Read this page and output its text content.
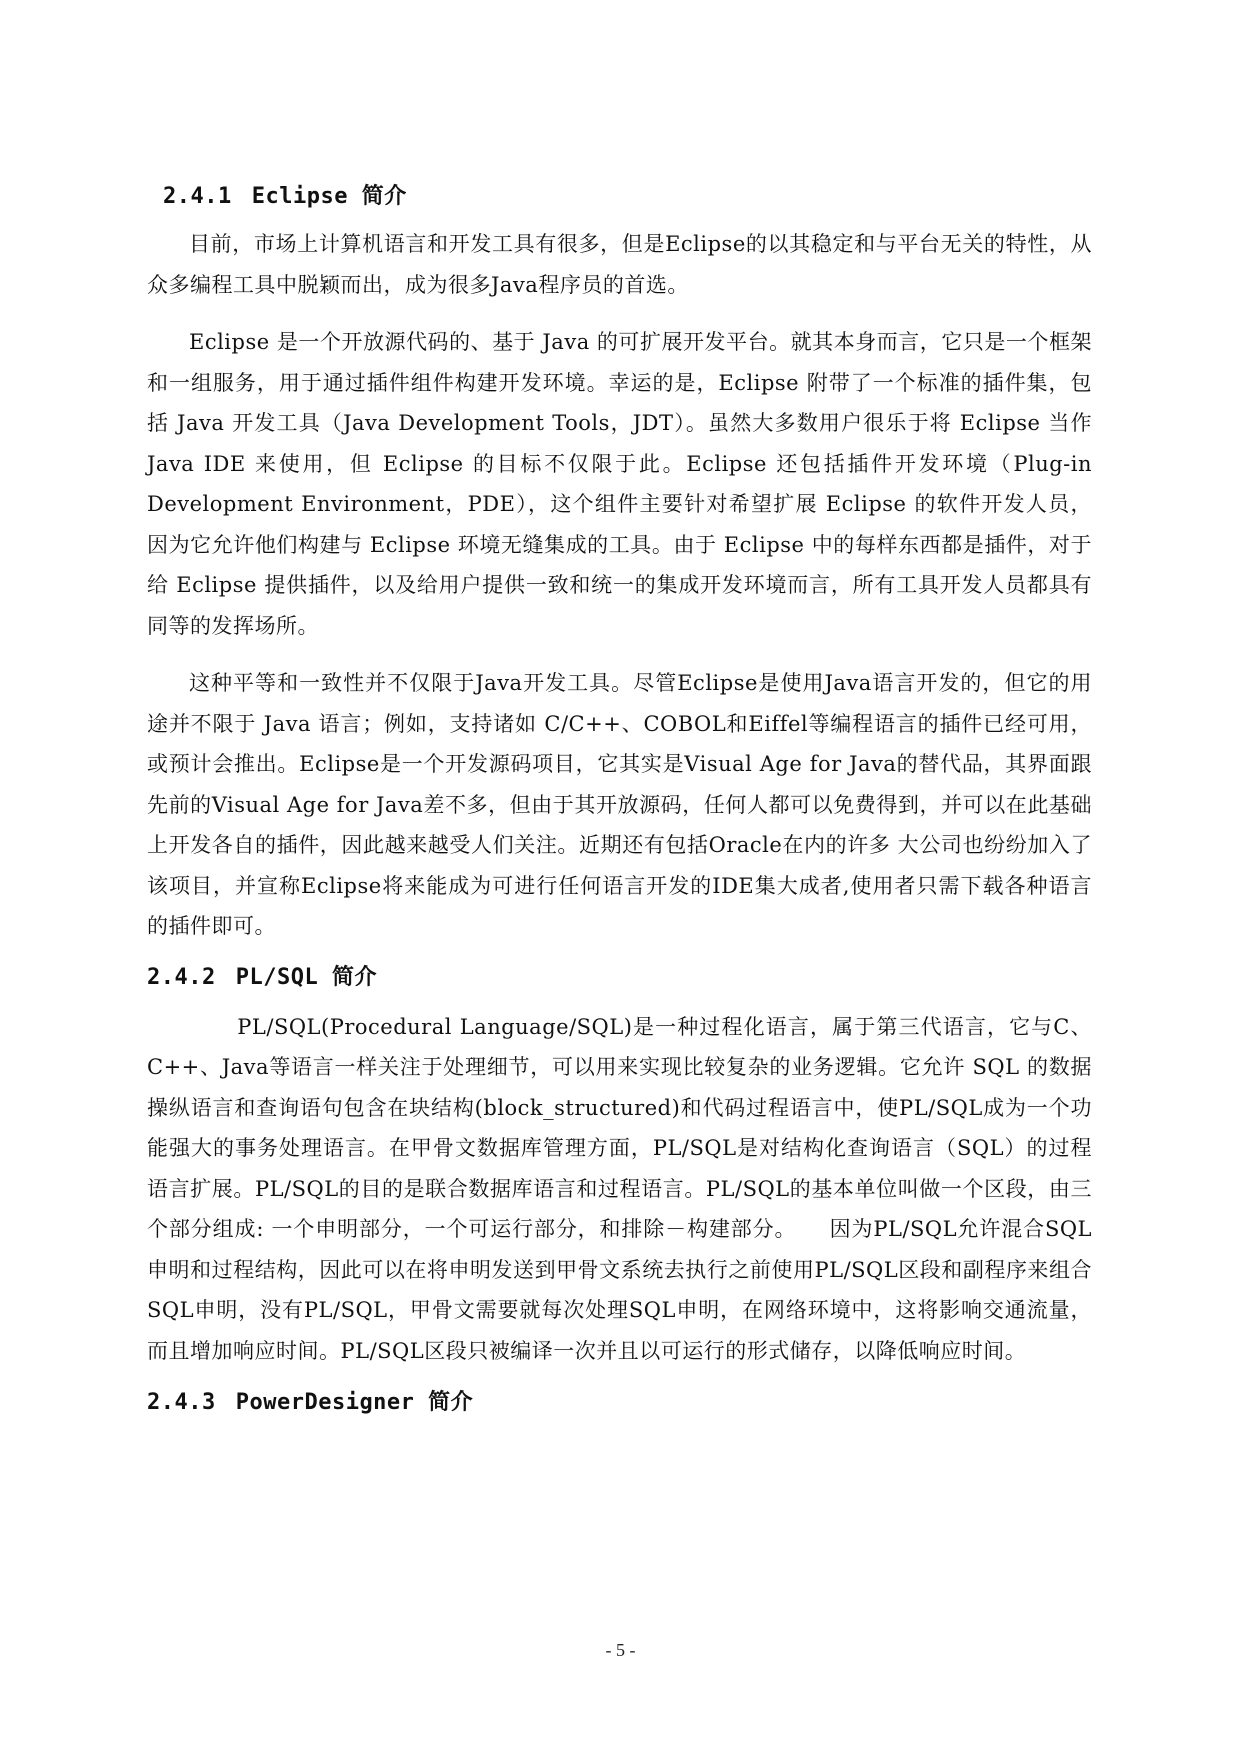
2.4.1 Eclipse 简介

目前，市场上计算机语言和开发工具有很多，但是Eclipse的以其稳定和与平台无关的特性，从众多编程工具中脱颖而出，成为很多Java程序员的首选。

Eclipse 是一个开放源代码的、基于 Java 的可扩展开发平台。就其本身而言，它只是一个框架和一组服务，用于通过插件组件构建开发环境。幸运的是，Eclipse 附带了一个标准的插件集，包括 Java 开发工具（Java Development Tools，JDT）。虽然大多数用户很乐于将 Eclipse 当作 Java IDE 来使用，但 Eclipse 的目标不仅限于此。Eclipse 还包括插件开发环境（Plug-in Development Environment，PDE），这个组件主要针对希望扩展 Eclipse 的软件开发人员，因为它允许他们构建与 Eclipse 环境无缝集成的工具。由于 Eclipse 中的每样东西都是插件，对于给 Eclipse 提供插件，以及给用户提供一致和统一的集成开发环境而言，所有工具开发人员都具有同等的发挥场所。

这种平等和一致性并不仅限于Java开发工具。尽管Eclipse是使用Java语言开发的，但它的用途并不限于 Java 语言；例如，支持诸如 C/C++、COBOL和Eiffel等编程语言的插件已经可用，或预计会推出。Eclipse是一个开发源码项目，它其实是Visual Age for Java的替代品，其界面跟先前的Visual Age for Java差不多，但由于其开放源码，任何人都可以免费得到，并可以在此基础上开发各自的插件，因此越来越受人们关注。近期还有包括Oracle在内的许多 大公司也纷纷加入了该项目，并宣称Eclipse将来能成为可进行任何语言开发的IDE集大成者,使用者只需下载各种语言的插件即可。

2.4.2 PL/SQL 简介

PL/SQL(Procedural Language/SQL)是一种过程化语言，属于第三代语言，它与C、C++、Java等语言一样关注于处理细节，可以用来实现比较复杂的业务逻辑。它允许 SQL 的数据操纵语言和查询语句包含在块结构(block_structured)和代码过程语言中，使PL/SQL成为一个功能强大的事务处理语言。在甲骨文数据库管理方面，PL/SQL是对结构化查询语言（SQL）的过程语言扩展。PL/SQL的目的是联合数据库语言和过程语言。PL/SQL的基本单位叫做一个区段，由三个部分组成: 一个申明部分，一个可运行部分，和排除－构建部分。　　因为PL/SQL允许混合SQL申明和过程结构，因此可以在将申明发送到甲骨文系统去执行之前使用PL/SQL区段和副程序来组合SQL申明，没有PL/SQL，甲骨文需要就每次处理SQL申明，在网络环境中，这将影响交通流量，而且增加响应时间。PL/SQL区段只被编译一次并且以可运行的形式储存，以降低响应时间。

2.4.3 PowerDesigner 简介
- 5 -
